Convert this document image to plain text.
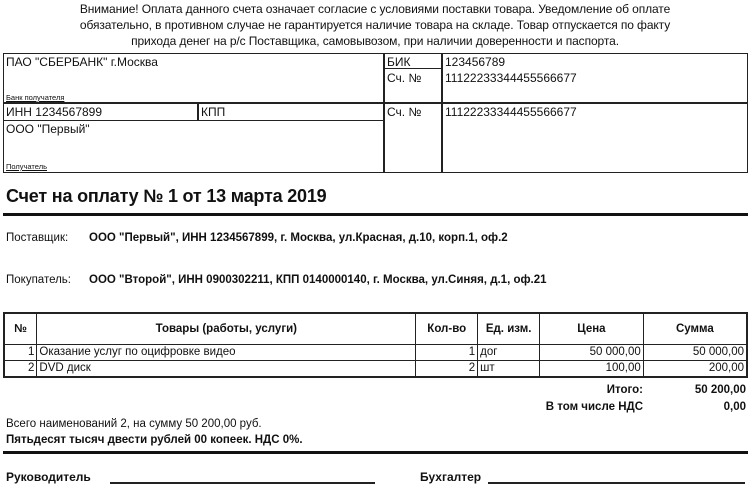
Внимание! Оплата данного счета означает согласие с условиями поставки товара. Уведомление об оплате
обязательно, в противном случае не гарантируется наличие товара на складе. Товар отпускается по факту
прихода денег на р/с Поставщика, самовывозом, при наличии доверенности и паспорта.
ПАО "СБЕРБАНК" г.Москва
Банк получателя
БИК	123456789
Сч. № 11122233344455566677
ИНН 1234567899	КПП	Сч. № 11122233344455566677
ООО "Первый"
Получатель
Счет на оплату № 1 от 13 марта 2019
Поставщик: ООО "Первый", ИНН 1234567899, г. Москва, ул.Красная, д.10, корп.1, оф.2
Покупатель: ООО "Второй", ИНН 0900302211, КПП 0140000140, г. Москва, ул.Синяя, д.1, оф.21
№	Товары (работы, услуги)	Кол-во	Ед. изм.	Цена	Сумма
1	Оказание услуг по оцифровке видео	1	дог	50 000,00	50 000,00
2	DVD диск	2	шт	100,00	200,00
Итого:	50 200,00
В том числе НДС	0,00
Всего наименований 2, на сумму 50 200,00 руб.
Пятьдесят тысяч двести рублей 00 копеек. НДС 0%.
Руководитель	Бухгалтер
